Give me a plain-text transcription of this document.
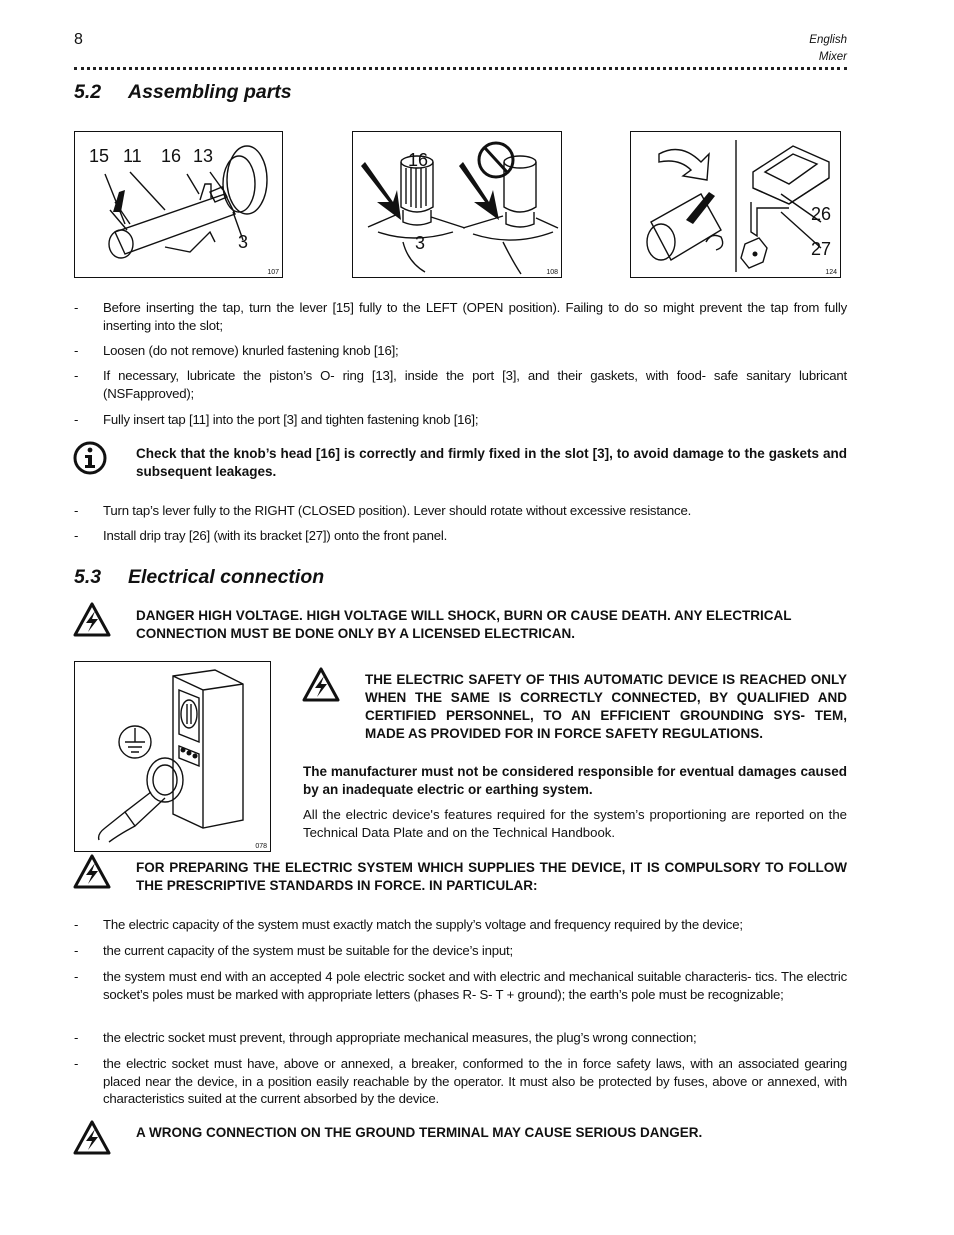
8	English
Mixer
5.2 Assembling parts
15 11 16 13
3
107
16
3
108
26
27
124
- Before inserting the tap, turn the lever [15] fully to the LEFT (OPEN position). Failing to do so might prevent the tap from fully inserting into the slot;
- Loosen (do not remove) knurled fastening knob [16];
- If necessary, lubricate the piston’s O- ring [13], inside the port [3], and their gaskets, with food- safe sanitary lubricant (NSFapproved);
- Fully insert tap [11] into the port [3] and tighten fastening knob [16];
Check that the knob’s head [16] is correctly and firmly fixed in the slot [3], to avoid damage to the gaskets and subsequent leakages.
- Turn tap’s lever fully to the RIGHT (CLOSED position). Lever should rotate without excessive resistance.
- Install drip tray [26] (with its bracket [27]) onto the front panel.
5.3 Electrical connection
DANGER HIGH VOLTAGE. HIGH VOLTAGE WILL SHOCK, BURN OR CAUSE DEATH. ANY ELECTRICAL CONNECTION MUST BE DONE ONLY BY A LICENSED ELECTRICAN.
078
THE ELECTRIC SAFETY OF THIS AUTOMATIC DEVICE IS REACHED ONLY WHEN THE SAME IS CORRECTLY CONNECTED, BY QUALIFIED AND CERTIFIED PERSONNEL, TO AN EFFICIENT GROUNDING SYS- TEM, MADE AS PROVIDED FOR IN FORCE SAFETY REGULATIONS.
The manufacturer must not be considered responsible for eventual damages caused by an inadequate electric or earthing system.
All the electric device's features required for the system’s proportioning are reported on the Technical Data Plate and on the Technical Handbook.
FOR PREPARING THE ELECTRIC SYSTEM WHICH SUPPLIES THE DEVICE, IT IS COMPULSORY TO FOLLOW THE PRESCRIPTIVE STANDARDS IN FORCE. IN PARTICULAR:
- The electric capacity of the system must exactly match the supply’s voltage and frequency required by the device;
- the current capacity of the system must be suitable for the device’s input;
- the system must end with an accepted 4 pole electric socket and with electric and mechanical suitable characteris- tics. The electric socket’s poles must be marked with appropriate letters (phases R- S- T + ground); the earth’s pole must be recognizable;
- the electric socket must prevent, through appropriate mechanical measures, the plug’s wrong connection;
- the electric socket must have, above or annexed, a breaker, conformed to the in force safety laws, with an associated gearing placed near the device, in a position easily reachable by the operator. It must also be protected by fuses, above or annexed, with characteristics suited at the current absorbed by the device.
A WRONG CONNECTION ON THE GROUND TERMINAL MAY CAUSE SERIOUS DANGER.
